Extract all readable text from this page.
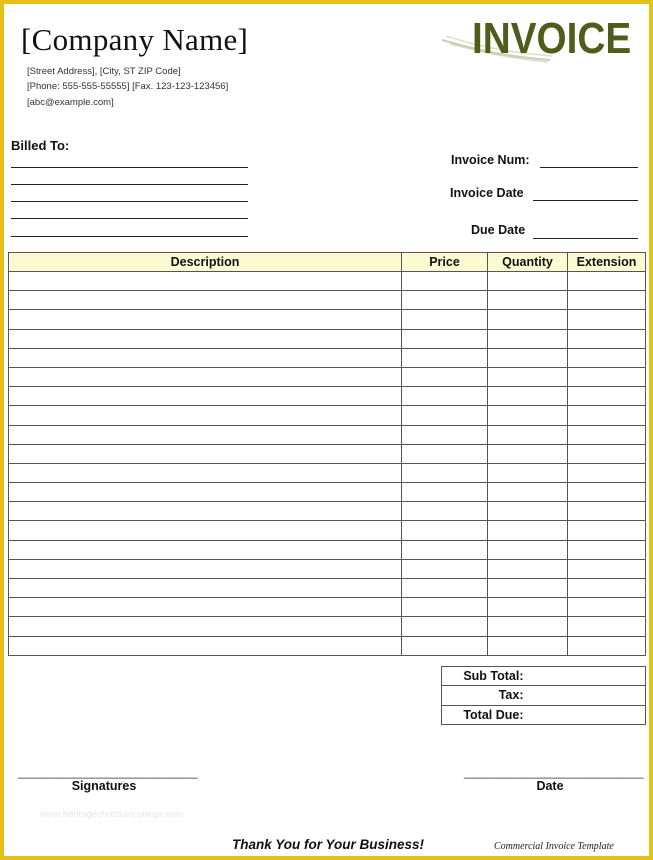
[Company Name]
[Street Address], [City, ST ZIP Code]
[Phone: 555-555-55555] [Fax. 123-123-123456]
[abc@example.com]
INVOICE
Billed To:
Invoice Num:
Invoice Date
Due Date
Description	Price	Quantity	Extension

Sub Total:	
Tax:	
Total Due:	
_____________________________
Signatures
_____________________________
Date
www.heritagechristiancollege.com
Thank You for Your Business!	Commercial Invoice Template
